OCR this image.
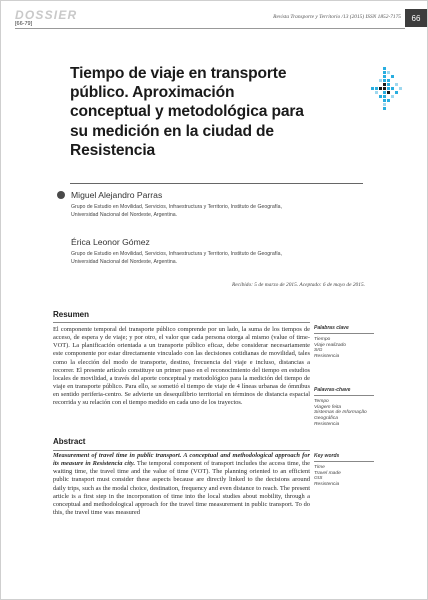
DOSSIER
[66-79]
Revista Transporte y Territorio /13 (2015) ISSN 1852-7175	66
Tiempo de viaje en transporte
público. Aproximación
conceptual y metodológica para
su medición en la ciudad de
Resistencia
Miguel Alejandro Parras
Grupo de Estudio en Movilidad, Servicios, Infraestructura y Territorio, Instituto de Geografía,
Universidad Nacional del Nordeste, Argentina.
Érica Leonor Gómez
Grupo de Estudio en Movilidad, Servicios, Infraestructura y Territorio, Instituto de Geografía,
Universidad Nacional del Nordeste, Argentina.
Recibido: 5 de marzo de 2015. Aceptado: 6 de mayo de 2015.
Resumen

El componente temporal del transporte público comprende por un lado, la suma de los tiempos de acceso, de espera y de viaje; y por otro, el valor que cada persona otorga al mismo (value of time-VOT). La planificación orientada a un transporte público eficaz, debe considerar necesariamente este componente por estar directamente vinculado con las decisiones cotidianas de movilidad, tales como la elección del modo de transporte, destino, frecuencia del viaje e incluso, distancias a recorrer. El presente artículo constituye un primer paso en el reconocimiento del tiempo en estudios locales de movilidad, a través del aporte conceptual y metodológico para la medición del tiempo de viaje en transporte público. Para ello, se sometió el tiempo de viaje de 4 líneas urbanas de ómnibus en sentido periferia-centro. Se advierte un desequilibrio territorial en términos de distancia espacial recorrida y su relación con el tiempo medido en cada uno de los trayectos.

Palabras clave
Tiempo
Viaje realizado
SIG
Resistencia
Palavras-chave
Tempo
Viagem feita
Sistemas de Informação
Geográfica
Resistencia
Abstract

Measurement of travel time in public transport. A conceptual and methodological approach for its measure in Resistencia city. The temporal component of transport includes the access time, the waiting time, the travel time and the value of time (VOT). The planning oriented to an efficient public transport must consider these aspects because are directly linked to the decisions around daily trips, such as the modal choice, destination, frequency and even distance to reach. The present article is a first step in the incorporation of time into the local studies about mobility, through a conceptual and methodological approach for the travel time measurement in public transport. To do this, the travel time was measured

Key words
Time
Travel made
GIS
Resistencia
